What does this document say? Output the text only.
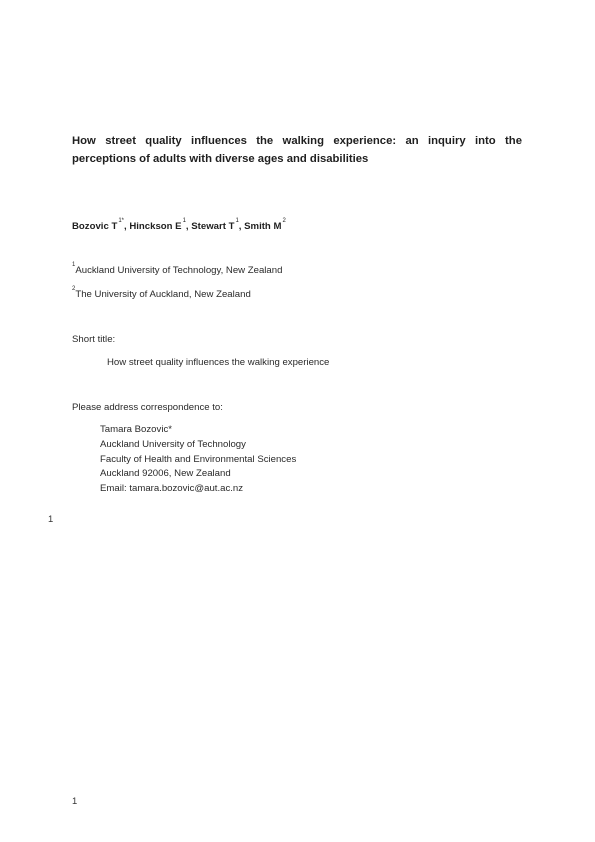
How street quality influences the walking experience: an inquiry into the perceptions of adults with diverse ages and disabilities
Bozovic $T^{1*}$, Hinckson $E^1$, Stewart $T^1$, Smith $M^2$
$^1$Auckland University of Technology, New Zealand
$^2$The University of Auckland, New Zealand
Short title:
How street quality influences the walking experience
Please address correspondence to:
Tamara Bozovic*
Auckland University of Technology
Faculty of Health and Environmental Sciences
Auckland 92006, New Zealand
Email: tamara.bozovic@aut.ac.nz
1
1
